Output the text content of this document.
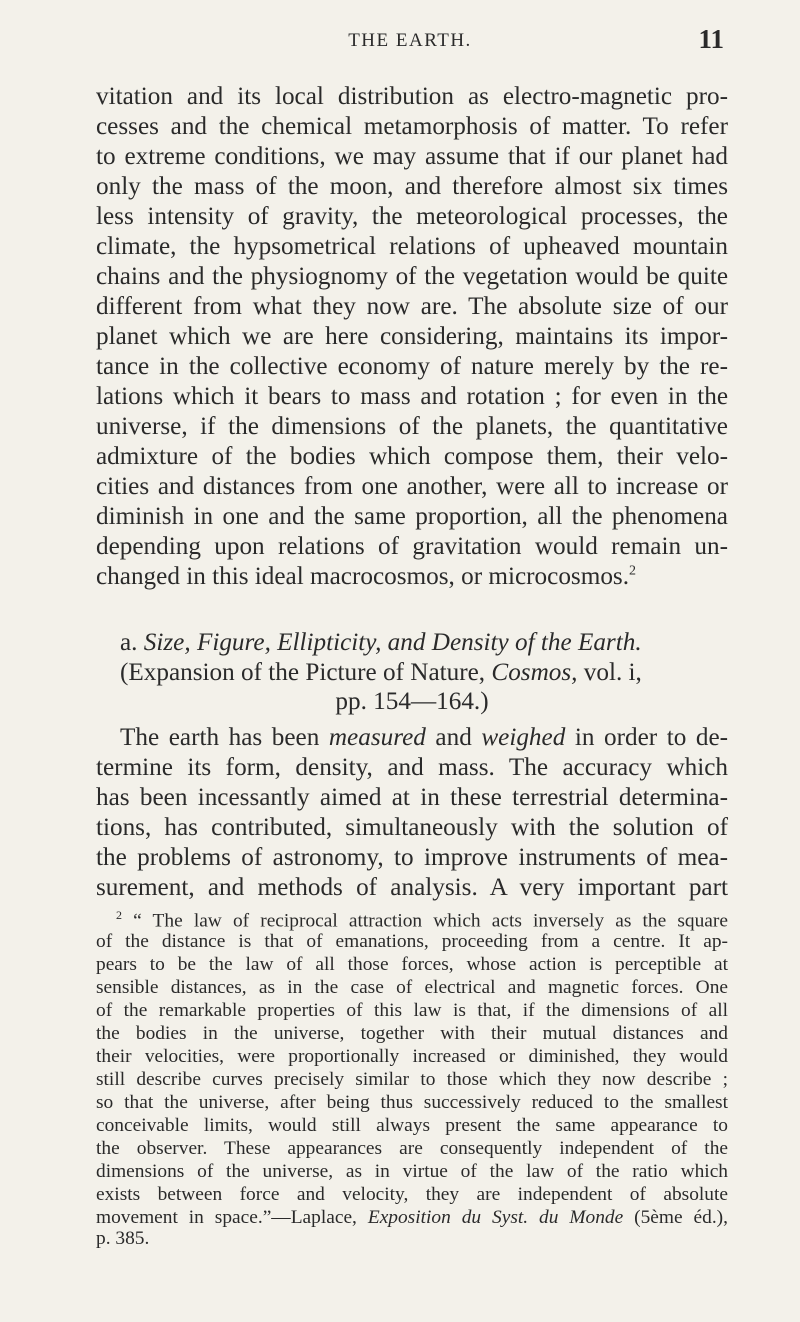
THE EARTH.	11
vitation and its local distribution as electro-magnetic pro-
cesses and the chemical metamorphosis of matter. To refer
to extreme conditions, we may assume that if our planet had
only the mass of the moon, and therefore almost six times
less intensity of gravity, the meteorological processes, the
climate, the hypsometrical relations of upheaved mountain
chains and the physiognomy of the vegetation would be quite
different from what they now are. The absolute size of our
planet which we are here considering, maintains its impor-
tance in the collective economy of nature merely by the re-
lations which it bears to mass and rotation ; for even in the
universe, if the dimensions of the planets, the quantitative
admixture of the bodies which compose them, their velo-
cities and distances from one another, were all to increase or
diminish in one and the same proportion, all the phenomena
depending upon relations of gravitation would remain un-
changed in this ideal macrocosmos, or microcosmos.$^2$
a. Size, Figure, Ellipticity, and Density of the Earth.
(Expansion of the Picture of Nature, Cosmos, vol. i,
pp. 154—164.)
The earth has been measured and weighed in order to de-
termine its form, density, and mass. The accuracy which
has been incessantly aimed at in these terrestrial determina-
tions, has contributed, simultaneously with the solution of
the problems of astronomy, to improve instruments of mea-
surement, and methods of analysis. A very important part
$^2$ “ The law of reciprocal attraction which acts inversely as the square
of the distance is that of emanations, proceeding from a centre. It ap-
pears to be the law of all those forces, whose action is perceptible at
sensible distances, as in the case of electrical and magnetic forces. One
of the remarkable properties of this law is that, if the dimensions of all
the bodies in the universe, together with their mutual distances and
their velocities, were proportionally increased or diminished, they would
still describe curves precisely similar to those which they now describe ;
so that the universe, after being thus successively reduced to the smallest
conceivable limits, would still always present the same appearance to
the observer. These appearances are consequently independent of the
dimensions of the universe, as in virtue of the law of the ratio which
exists between force and velocity, they are independent of absolute
movement in space.”—Laplace, Exposition du Syst. du Monde (5ème éd.),
p. 385.
